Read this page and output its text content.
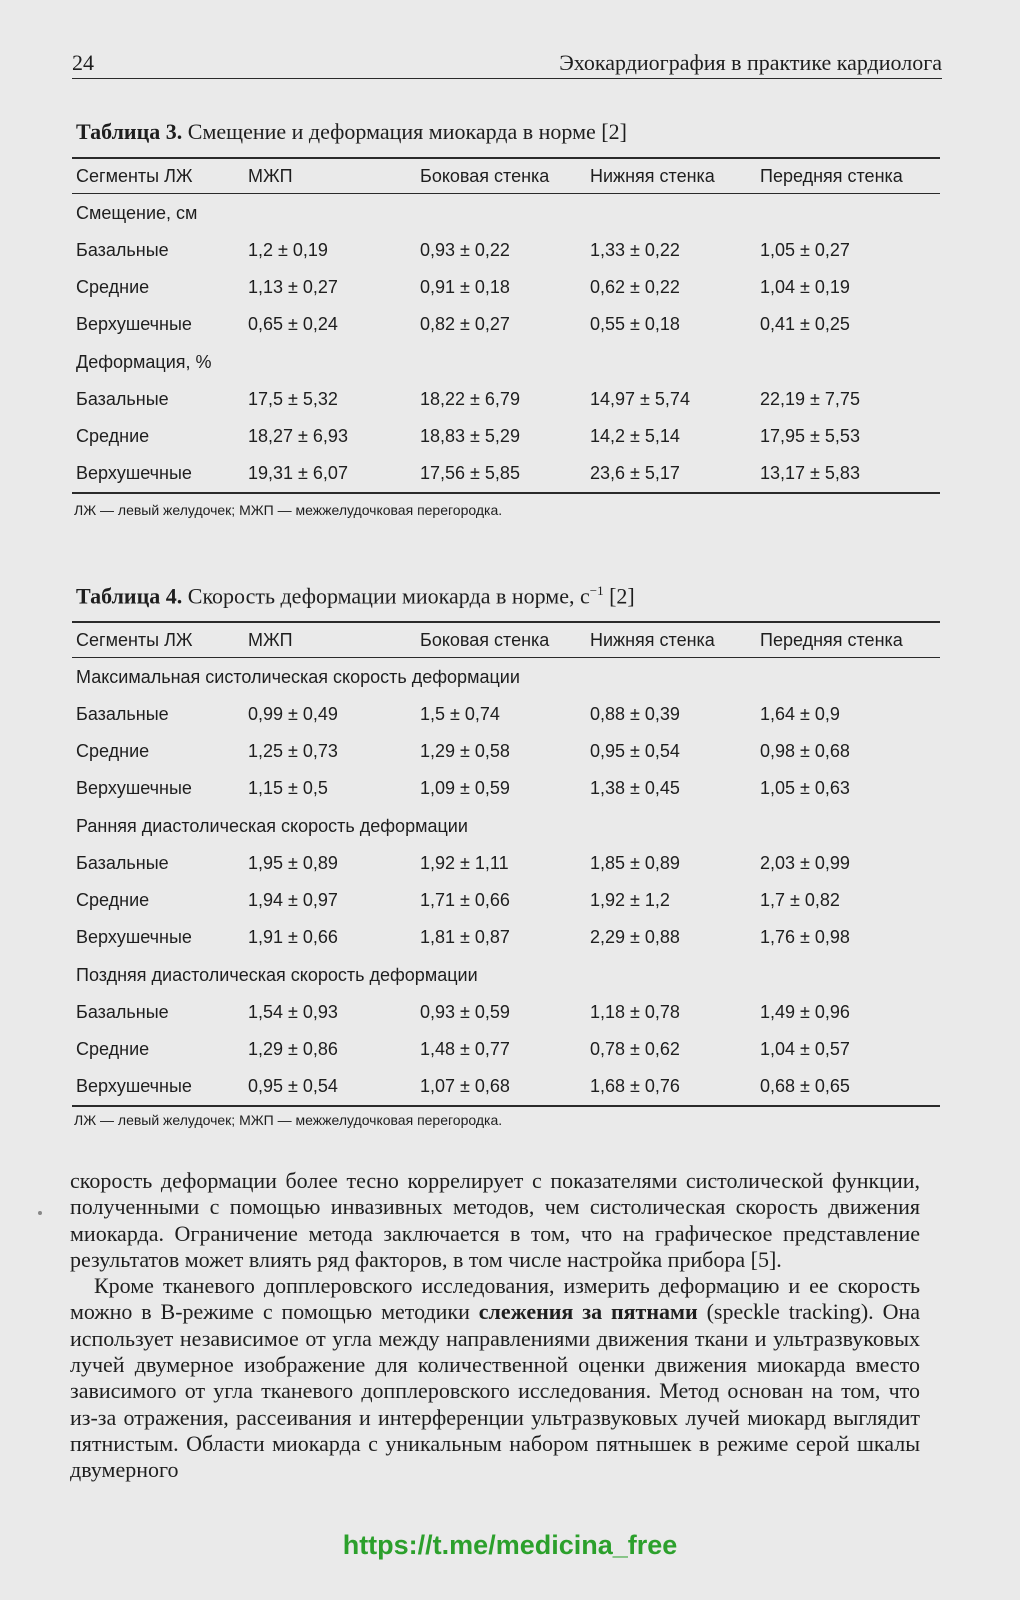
24	Эхокардиография в практике кардиолога
Таблица 3. Смещение и деформация миокарда в норме [2]
Сегменты ЛЖ	МЖП	Боковая стенка	Нижняя стенка	Передняя стенка
Смещение, см				
Базальные	1,2 ± 0,19	0,93 ± 0,22	1,33 ± 0,22	1,05 ± 0,27
Средние	1,13 ± 0,27	0,91 ± 0,18	0,62 ± 0,22	1,04 ± 0,19
Верхушечные	0,65 ± 0,24	0,82 ± 0,27	0,55 ± 0,18	0,41 ± 0,25
Деформация, %				
Базальные	17,5 ± 5,32	18,22 ± 6,79	14,97 ± 5,74	22,19 ± 7,75
Средние	18,27 ± 6,93	18,83 ± 5,29	14,2 ± 5,14	17,95 ± 5,53
Верхушечные	19,31 ± 6,07	17,56 ± 5,85	23,6 ± 5,17	13,17 ± 5,83
ЛЖ — левый желудочек; МЖП — межжелудочковая перегородка.
Таблица 4. Скорость деформации миокарда в норме, $с^{-1}$ [2]
Сегменты ЛЖ	МЖП	Боковая стенка	Нижняя стенка	Передняя стенка
Максимальная систолическая скорость деформации				
Базальные	0,99 ± 0,49	1,5 ± 0,74	0,88 ± 0,39	1,64 ± 0,9
Средние	1,25 ± 0,73	1,29 ± 0,58	0,95 ± 0,54	0,98 ± 0,68
Верхушечные	1,15 ± 0,5	1,09 ± 0,59	1,38 ± 0,45	1,05 ± 0,63
Ранняя диастолическая скорость деформации				
Базальные	1,95 ± 0,89	1,92 ± 1,11	1,85 ± 0,89	2,03 ± 0,99
Средние	1,94 ± 0,97	1,71 ± 0,66	1,92 ± 1,2	1,7 ± 0,82
Верхушечные	1,91 ± 0,66	1,81 ± 0,87	2,29 ± 0,88	1,76 ± 0,98
Поздняя диастолическая скорость деформации				
Базальные	1,54 ± 0,93	0,93 ± 0,59	1,18 ± 0,78	1,49 ± 0,96
Средние	1,29 ± 0,86	1,48 ± 0,77	0,78 ± 0,62	1,04 ± 0,57
Верхушечные	0,95 ± 0,54	1,07 ± 0,68	1,68 ± 0,76	0,68 ± 0,65
ЛЖ — левый желудочек; МЖП — межжелудочковая перегородка.

скорость деформации более тесно коррелирует с показателями систолической функции, полученными с помощью инвазивных методов, чем систолическая скорость движения миокарда. Ограничение метода заключается в том, что на графическое представление результатов может влиять ряд факторов, в том числе настройка прибора [5].

Кроме тканевого допплеровского исследования, измерить деформацию и ее скорость можно в В-режиме с помощью методики слежения за пятнами (speckle tracking). Она использует независимое от угла между направлениями движения ткани и ультразвуковых лучей двумерное изображение для количественной оценки движения миокарда вместо зависимого от угла тканевого допплеровского исследования. Метод основан на том, что из-за отражения, рассеивания и интерференции ультразвуковых лучей миокард выглядит пятнистым. Области миокарда с уникальным набором пятнышек в режиме серой шкалы двумерного

https://t.me/medicina_free
